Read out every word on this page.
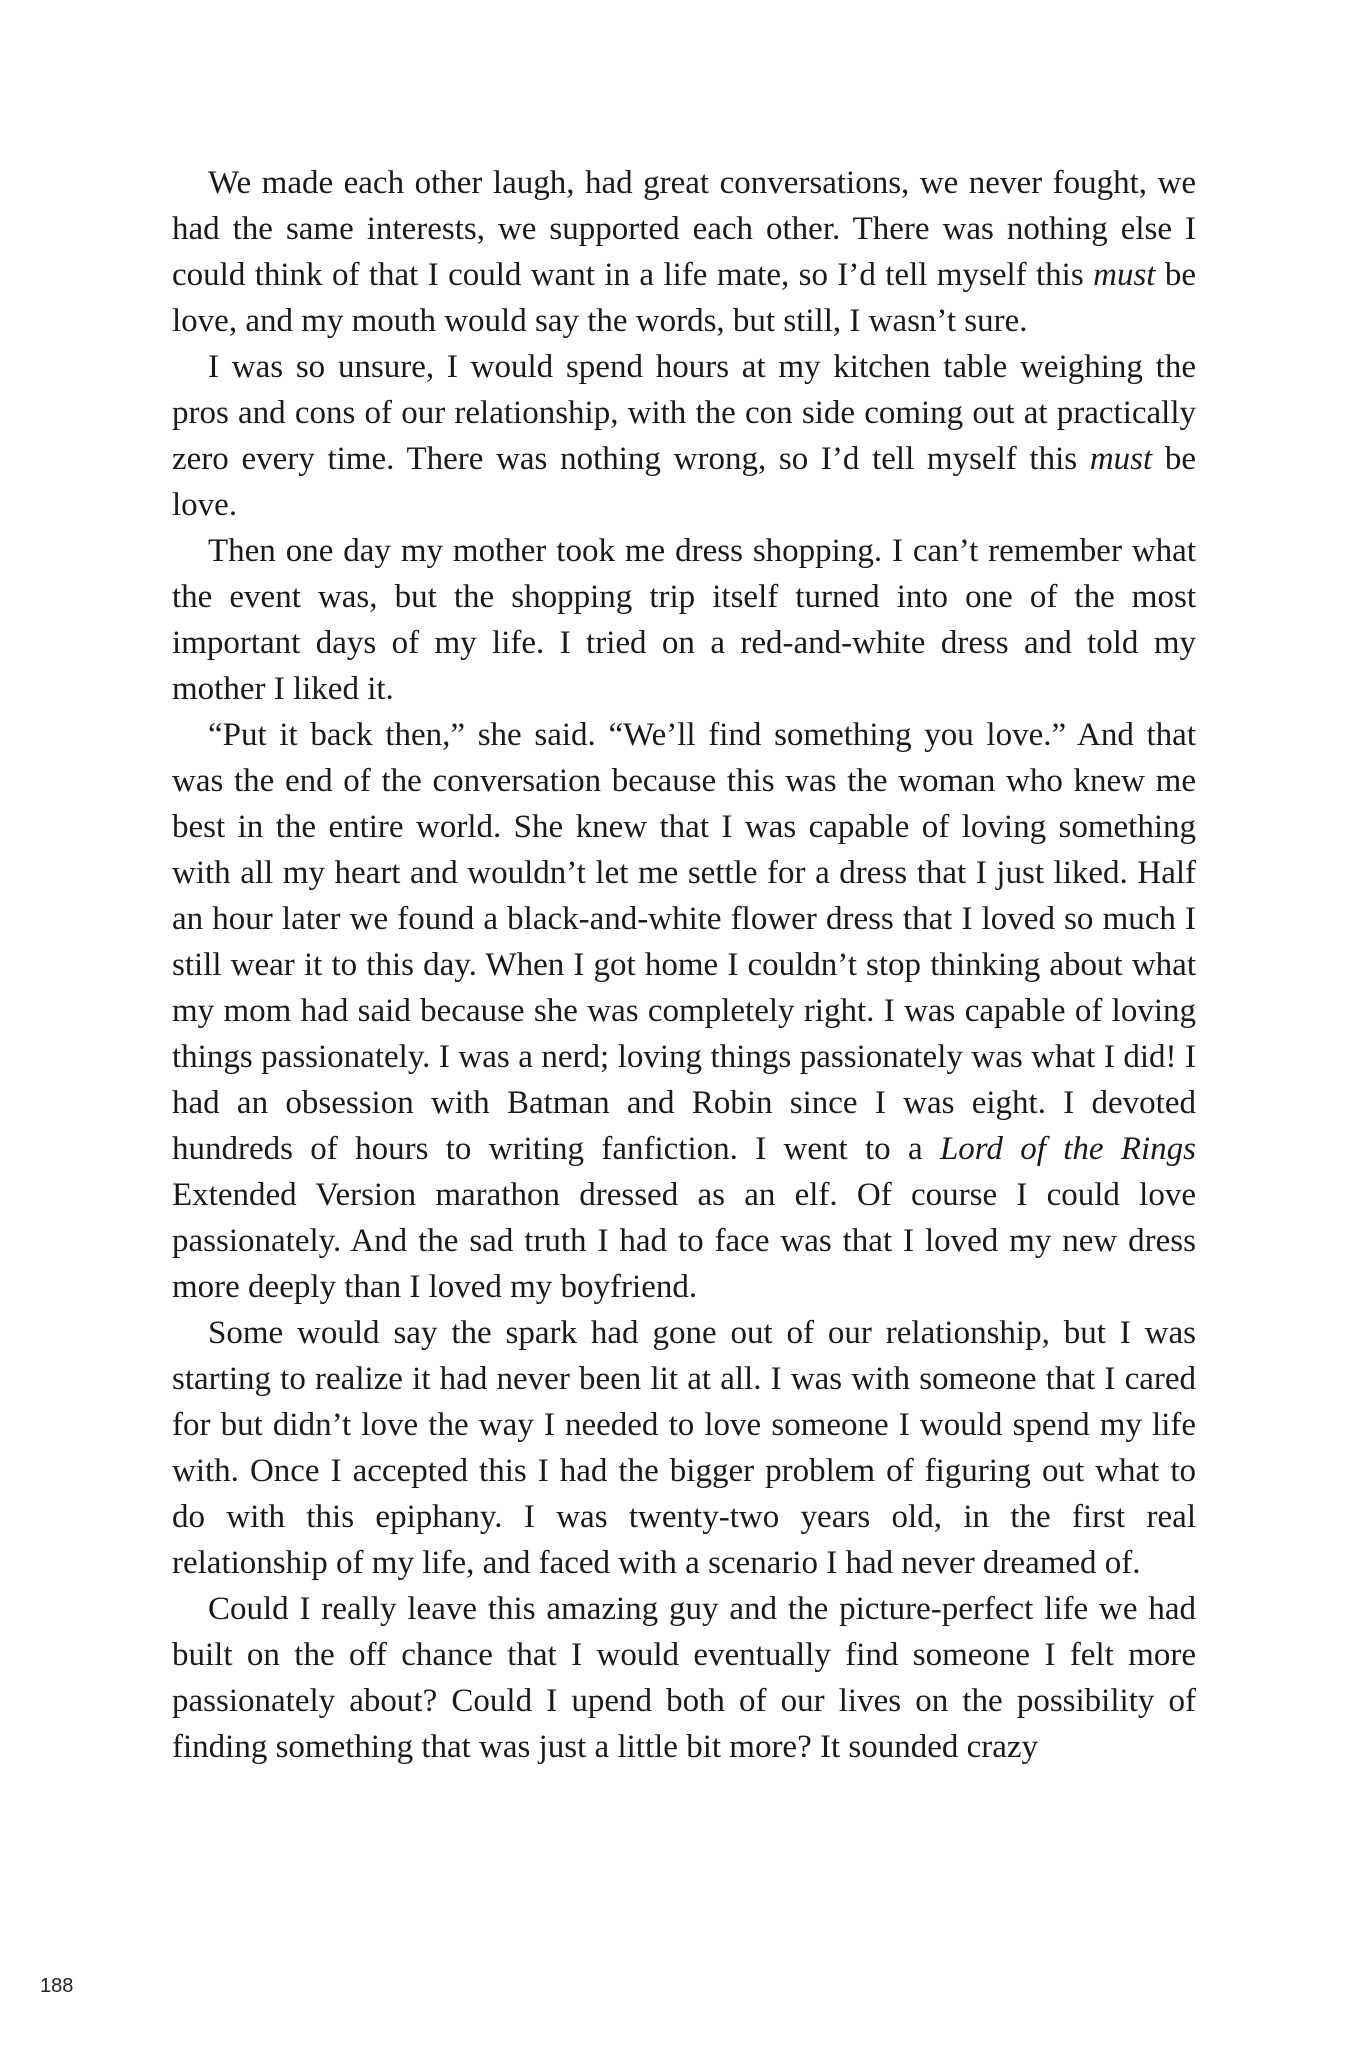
We made each other laugh, had great conversations, we never fought, we had the same interests, we supported each other. There was nothing else I could think of that I could want in a life mate, so I’d tell myself this must be love, and my mouth would say the words, but still, I wasn’t sure.

I was so unsure, I would spend hours at my kitchen table weighing the pros and cons of our relationship, with the con side coming out at practically zero every time. There was nothing wrong, so I’d tell myself this must be love.

Then one day my mother took me dress shopping. I can’t remember what the event was, but the shopping trip itself turned into one of the most important days of my life. I tried on a red-and-white dress and told my mother I liked it.

“Put it back then,” she said. “We’ll find something you love.” And that was the end of the conversation because this was the woman who knew me best in the entire world. She knew that I was capable of loving something with all my heart and wouldn’t let me settle for a dress that I just liked. Half an hour later we found a black-and-white flower dress that I loved so much I still wear it to this day. When I got home I couldn’t stop thinking about what my mom had said because she was completely right. I was capable of loving things passionately. I was a nerd; loving things passionately was what I did! I had an obsession with Batman and Robin since I was eight. I devoted hundreds of hours to writing fanfiction. I went to a Lord of the Rings Extended Version marathon dressed as an elf. Of course I could love passionately. And the sad truth I had to face was that I loved my new dress more deeply than I loved my boyfriend.

Some would say the spark had gone out of our relationship, but I was starting to realize it had never been lit at all. I was with someone that I cared for but didn’t love the way I needed to love someone I would spend my life with. Once I accepted this I had the bigger problem of figuring out what to do with this epiphany. I was twenty-two years old, in the first real relationship of my life, and faced with a scenario I had never dreamed of.

Could I really leave this amazing guy and the picture-perfect life we had built on the off chance that I would eventually find someone I felt more passionately about? Could I upend both of our lives on the possibility of finding something that was just a little bit more? It sounded crazy

188
